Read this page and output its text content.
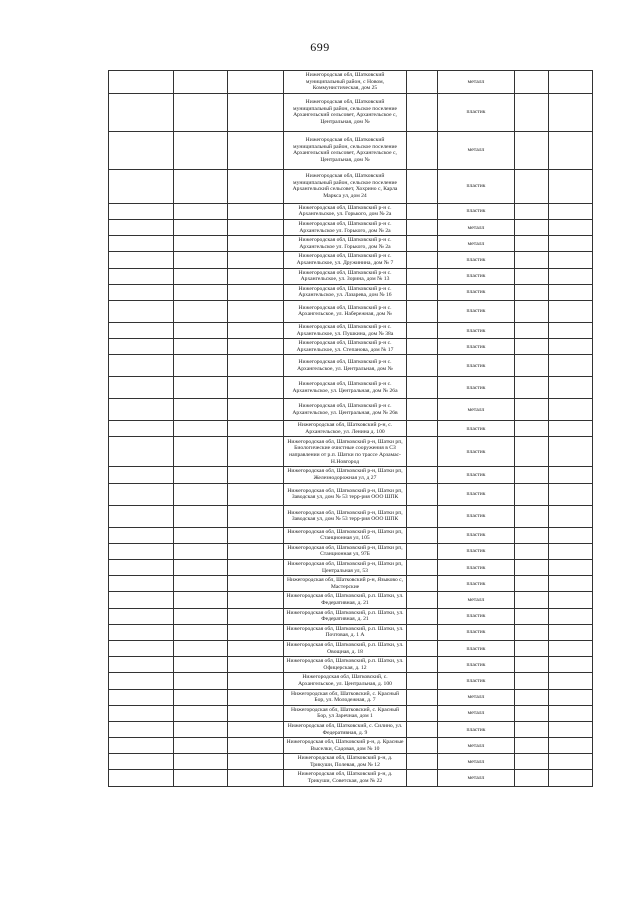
699
			Нижегородская обл, Шатковский муниципальный район, с Новом, Коммунистическая, дом 25		металл		
			Нижегородская обл, Шатковский муниципальный район, сельское поселение Архангельский сельсовет, Архангельское с, Центральная, дом №		пластик		
			Нижегородская обл, Шатковский муниципальный район, сельское поселение Архангельский сельсовет, Архангельское с, Центральная, дом №		металл		
			Нижегородская обл, Шатковский муниципальный район, сельское поселение Архангельский сельсовет, Хохрино с, Карла Маркса ул, дом 24		пластик		
			Нижегородская обл, Шатковский р-н с. Архангельское, ул. Горького, дом № 2а		пластик		
			Нижегородская обл, Шатковский р-н с. Архангельское ул. Горького, дом № 2а		металл		
			Нижегородская обл, Шатковский р-н с. Архангельское ул. Горького, дом № 2а		металл		
			Нижегородская обл, Шатковский р-н с. Архангельское, ул. Дружинина, дом № 7		пластик		
			Нижегородская обл, Шатковский р-н с. Архангельское, ул. Зорина, дом № 13		пластик		
			Нижегородская обл, Шатковский р-н с. Архангельское, ул. Лазарева, дом № 16		пластик		
			Нижегородская обл, Шатковский р-н с. Архангельское, ул. Набережная, дом №		пластик		
			Нижегородская обл, Шатковский р-н с. Архангельское, ул. Пушкина, дом № 38а		пластик		
			Нижегородская обл, Шатковский р-н с. Архангельское, ул. Степанова, дом № 17		пластик		
			Нижегородская обл, Шатковский р-н с. Архангельское, ул. Центральная, дом №		пластик		
			Нижегородская обл, Шатковский р-н с. Архангельское, ул. Центральная, дом № 26а		пластик		
			Нижегородская обл, Шатковский р-н с. Архангельское, ул. Центральная, дом № 26в		металл		
			Нижегородская обл, Шатковский р-н, с. Архангельское, ул. Ленина д. 100		пластик		
			Нижегородская обл, Шатковский р-н, Шатки рп, Биологические очистные сооружения в СЗ направлении от р.п. Шатки по трассе Арзамас-Н.Новгород		пластик		
			Нижегородская обл, Шатковский р-н, Шатки рп, Железнодорожная ул, д 27		пластик		
			Нижегородская обл, Шатковский р-н, Шатки рп, Заводская ул, дом № 53 терр-рия ООО ШПК		пластик		
			Нижегородская обл, Шатковский р-н, Шатки рп, Заводская ул, дом № 53 терр-рия ООО ШПК		пластик		
			Нижегородская обл, Шатковский р-н, Шатки рп, Станционная ул, 105		пластик		
			Нижегородская обл, Шатковский р-н, Шатки рп, Станционная ул, 97Б		пластик		
			Нижегородская обл, Шатковский р-н, Шатки рп, Центральная ул, 53		пластик		
			Нижегородская обл, Шатковский р-н, Языково с, Мастерские		пластик		
			Нижегородская обл, Шатковский, р.п. Шатки, ул. Федеративная, д. 21		металл		
			Нижегородская обл, Шатковский, р.п. Шатки, ул. Федеративная, д. 21		пластик		
			Нижегородская обл, Шатковский, р.п. Шатки, ул. Почтовая, д. 1 А		пластик		
			Нижегородская обл, Шатковский, р.п. Шатки, ул. Овощная, д. 18		пластик		
			Нижегородская обл, Шатковский, р.п. Шатки, ул. Офицерская, д. 12		пластик		
			Нижегородская обл, Шатковский, с. Архангельское, ул. Центральная, д. 100		пластик		
			Нижегородская обл, Шатковский, с. Красный Бор, ул. Молодежная, д. 7		металл		
			Нижегородская обл, Шатковский, с. Красный Бор, ул Заречная, дом 1		металл		
			Нижегородская обл, Шатковский, с. Силино, ул. Федеративная, д. 9		пластик		
			Нижегородская обл, Шатковский р-н, д. Красные Выселки, Садовая, дом № 10		металл		
			Нижегородская обл, Шатковский р-н, д. Трикуши, Полевая, дом № 12		металл		
			Нижегородская обл, Шатковский р-н, д. Трикуши, Советская, дом № 22		металл		
